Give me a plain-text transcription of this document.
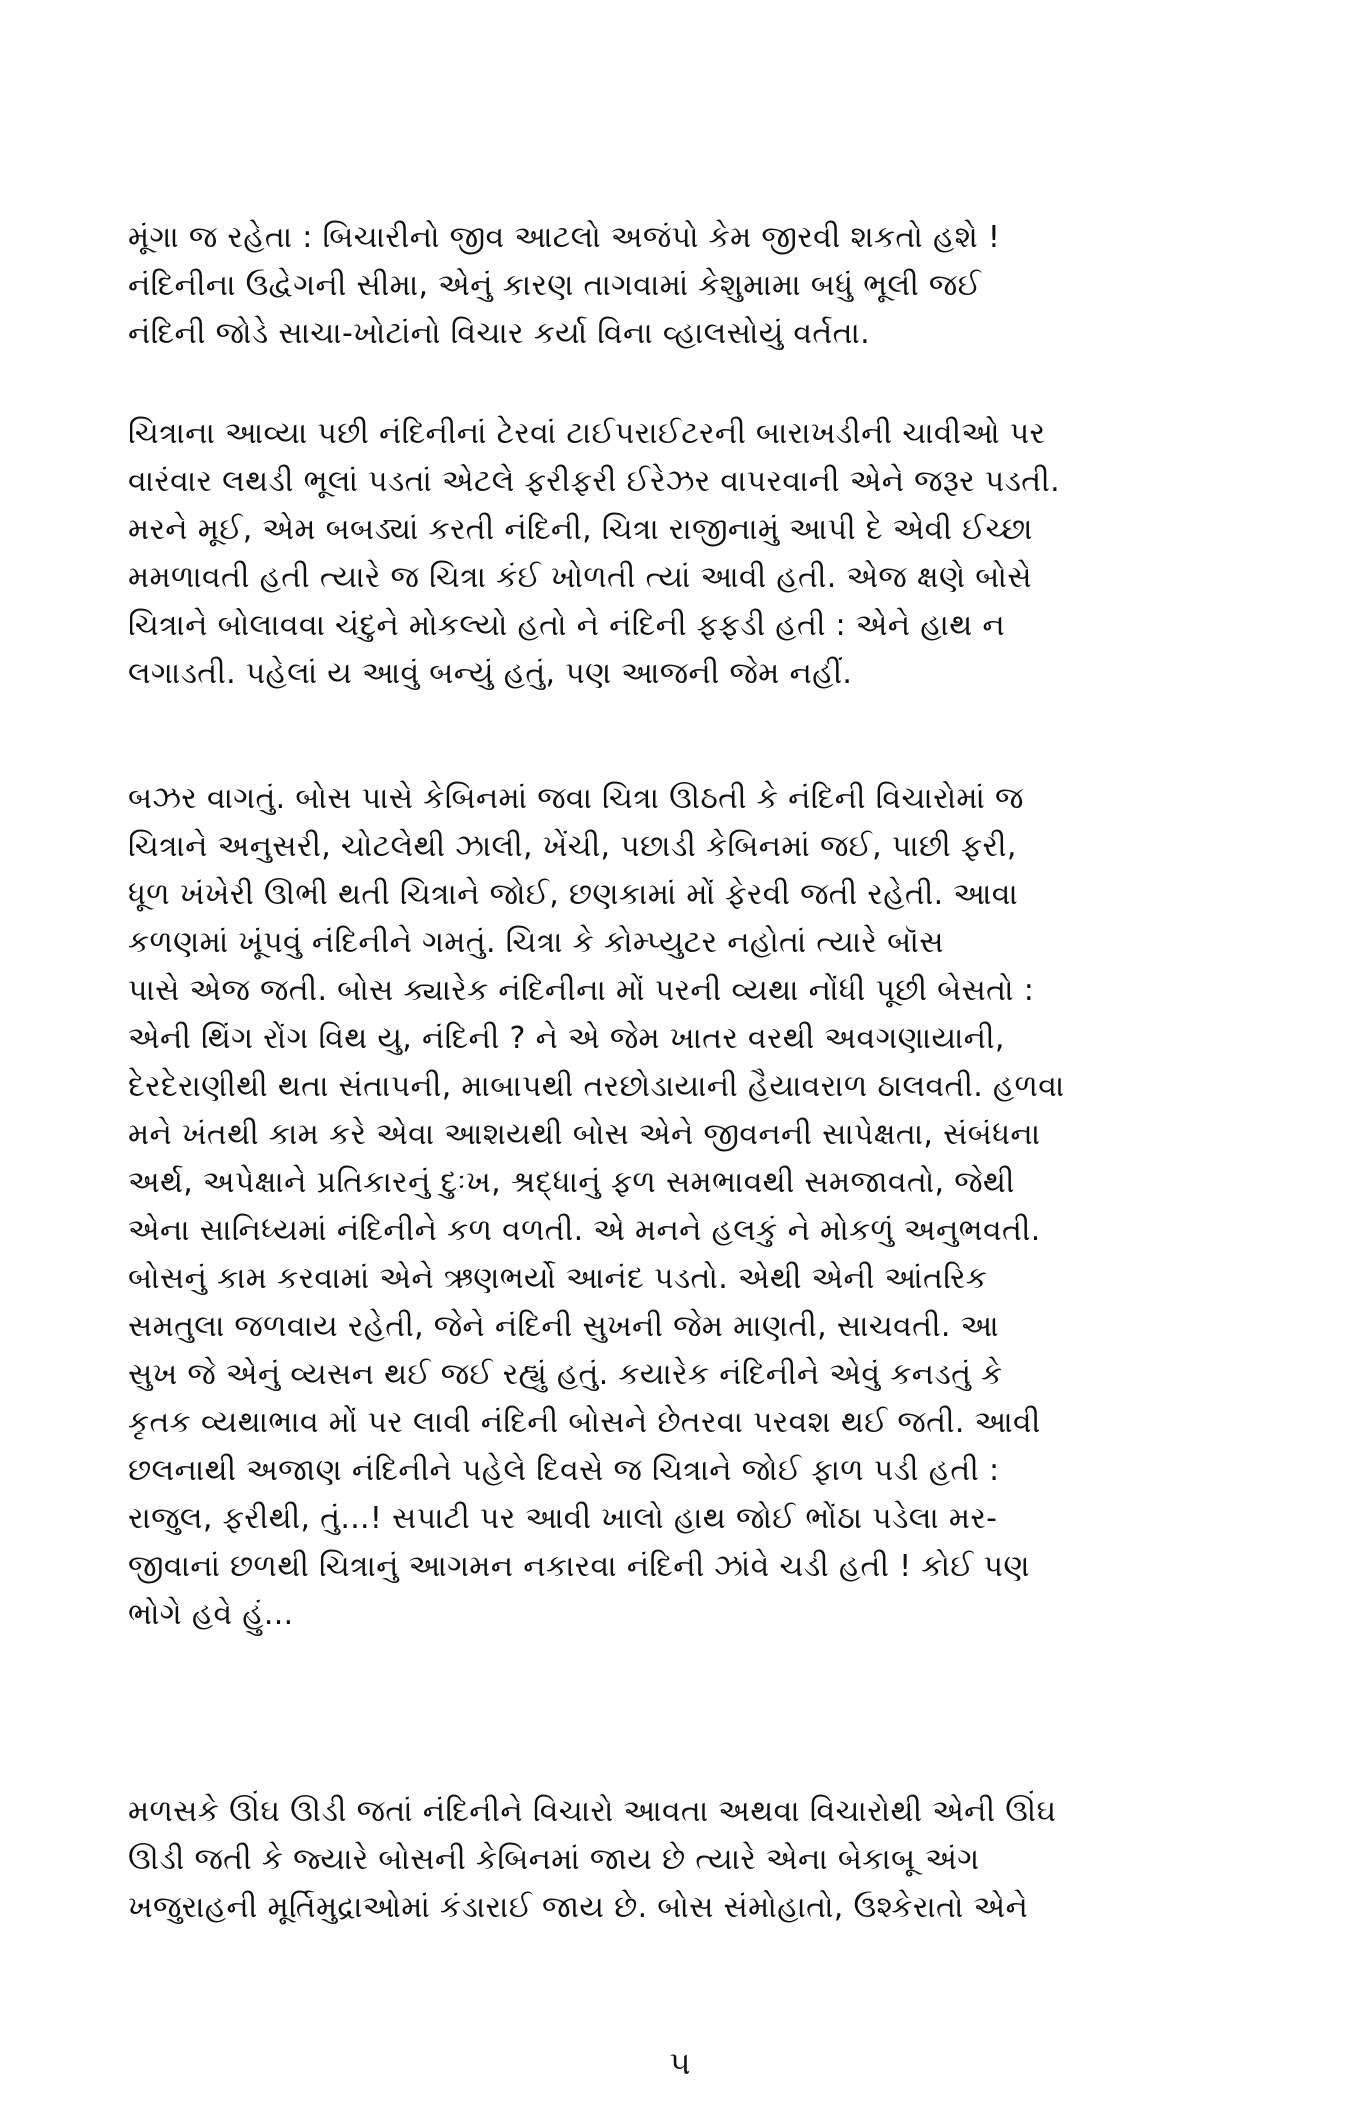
મૂંગા જ રહેતા : બિચારીનો જીવ આટલો અજંપો કેમ જીરવી શકતો હશે !
નંદિનીના ઉદ્વેગની સીમા, એનું કારણ તાગવામાં કેશુમામા બધું ભૂલી જઈ
નંદિની જોડે સાચા-ખોટાંનો વિચાર કર્યા વિના વ્હાલસોયું વર્તતા.

ચિત્રાના આવ્યા પછી નંદિનીનાં ટેરવાં ટાઈપરાઈટરની બારાખડીની ચાવીઓ પર
વારંવાર લથડી ભૂલાં પડતાં એટલે ફરીફરી ઈરેઝર વાપરવાની એને જરૂર પડતી.
મરને મૂઈ, એમ બબડ્યાં કરતી નંદિની, ચિત્રા રાજીનામું આપી દે એવી ઈચ્છા
મમળાવતી હતી ત્યારે જ ચિત્રા કંઈ ખોળતી ત્યાં આવી હતી. એજ ક્ષણે બોસે
ચિત્રાને બોલાવવા ચંદુને મોકલ્યો હતો ને નંદિની ફફડી હતી : એને હાથ ન
લગાડતી. પહેલાં ય આવું બન્યું હતું, પણ આજની જેમ નહીં.

બઝર વાગતું. બોસ પાસે કેબિનમાં જવા ચિત્રા ઊઠતી કે નંદિની વિચારોમાં જ
ચિત્રાને અનુસરી, ચોટલેથી ઝાલી, ખેંચી, પછાડી કેબિનમાં જઈ, પાછી ફરી,
ધૂળ ખંખેરી ઊભી થતી ચિત્રાને જોઈ, છણકામાં મોં ફેરવી જતી રહેતી. આવા
કળણમાં ખૂંપવું નંદિનીને ગમતું. ચિત્રા કે કોમ્પ્યુટર નહોતાં ત્યારે બૉસ
પાસે એજ જતી. બોસ ક્યારેક નંદિનીના મોં પરની વ્યથા નોંધી પૂછી બેસતો :
એની થિંગ રોંગ વિથ યુ, નંદિની ? ને એ જેમ ખાતર વરથી અવગણાયાની,
દેરદેરાણીથી થતા સંતાપની, માબાપથી તરછોડાયાની હૈયાવરાળ ઠાલવતી. હળવા
મને ખંતથી કામ કરે એવા આશયથી બોસ એને જીવનની સાપેક્ષતા, સંબંધના
અર્થ, અપેક્ષાને પ્રતિકારનું દુઃખ, શ્રદ્ધાનું ફળ સમભાવથી સમજાવતો, જેથી
એના સાનિધ્યમાં નંદિનીને કળ વળતી. એ મનને હલકું ને મોકળું અનુભવતી.
બોસનું કામ કરવામાં એને ઋણભર્યો આનંદ પડતો. એથી એની આંતરિક
સમતુલા જળવાય રહેતી, જેને નંદિની સુખની જેમ માણતી, સાચવતી. આ
સુખ જે એનું વ્યસન થઈ જઈ રહ્યું હતું. કયારેક નંદિનીને એવું કનડતું કે
કૃતક વ્યથાભાવ મોં પર લાવી નંદિની બોસને છેતરવા પરવશ થઈ જતી. આવી
છલનાથી અજાણ નંદિનીને પહેલે દિવસે જ ચિત્રાને જોઈ ફાળ પડી હતી :
રાજુલ, ફરીથી, તું...! સપાટી પર આવી ખાલો હાથ જોઈ ભોંઠા પડેલા મર-
જીવાનાં છળથી ચિત્રાનું આગમન નકારવા નંદિની ઝાંવે ચડી હતી ! કોઈ પણ
ભોગે હવે હું...

મળસકે ઊંઘ ઊડી જતાં નંદિનીને વિચારો આવતા અથવા વિચારોથી એની ઊંઘ
ઊડી જતી કે જ્યારે બોસની કેબિનમાં જાય છે ત્યારે એના બેકાબૂ અંગ
ખજુરાહની મૂર્તિમુદ્રાઓમાં કંડારાઈ જાય છે. બોસ સંમોહાતો, ઉશ્કેરાતો એને

૫
